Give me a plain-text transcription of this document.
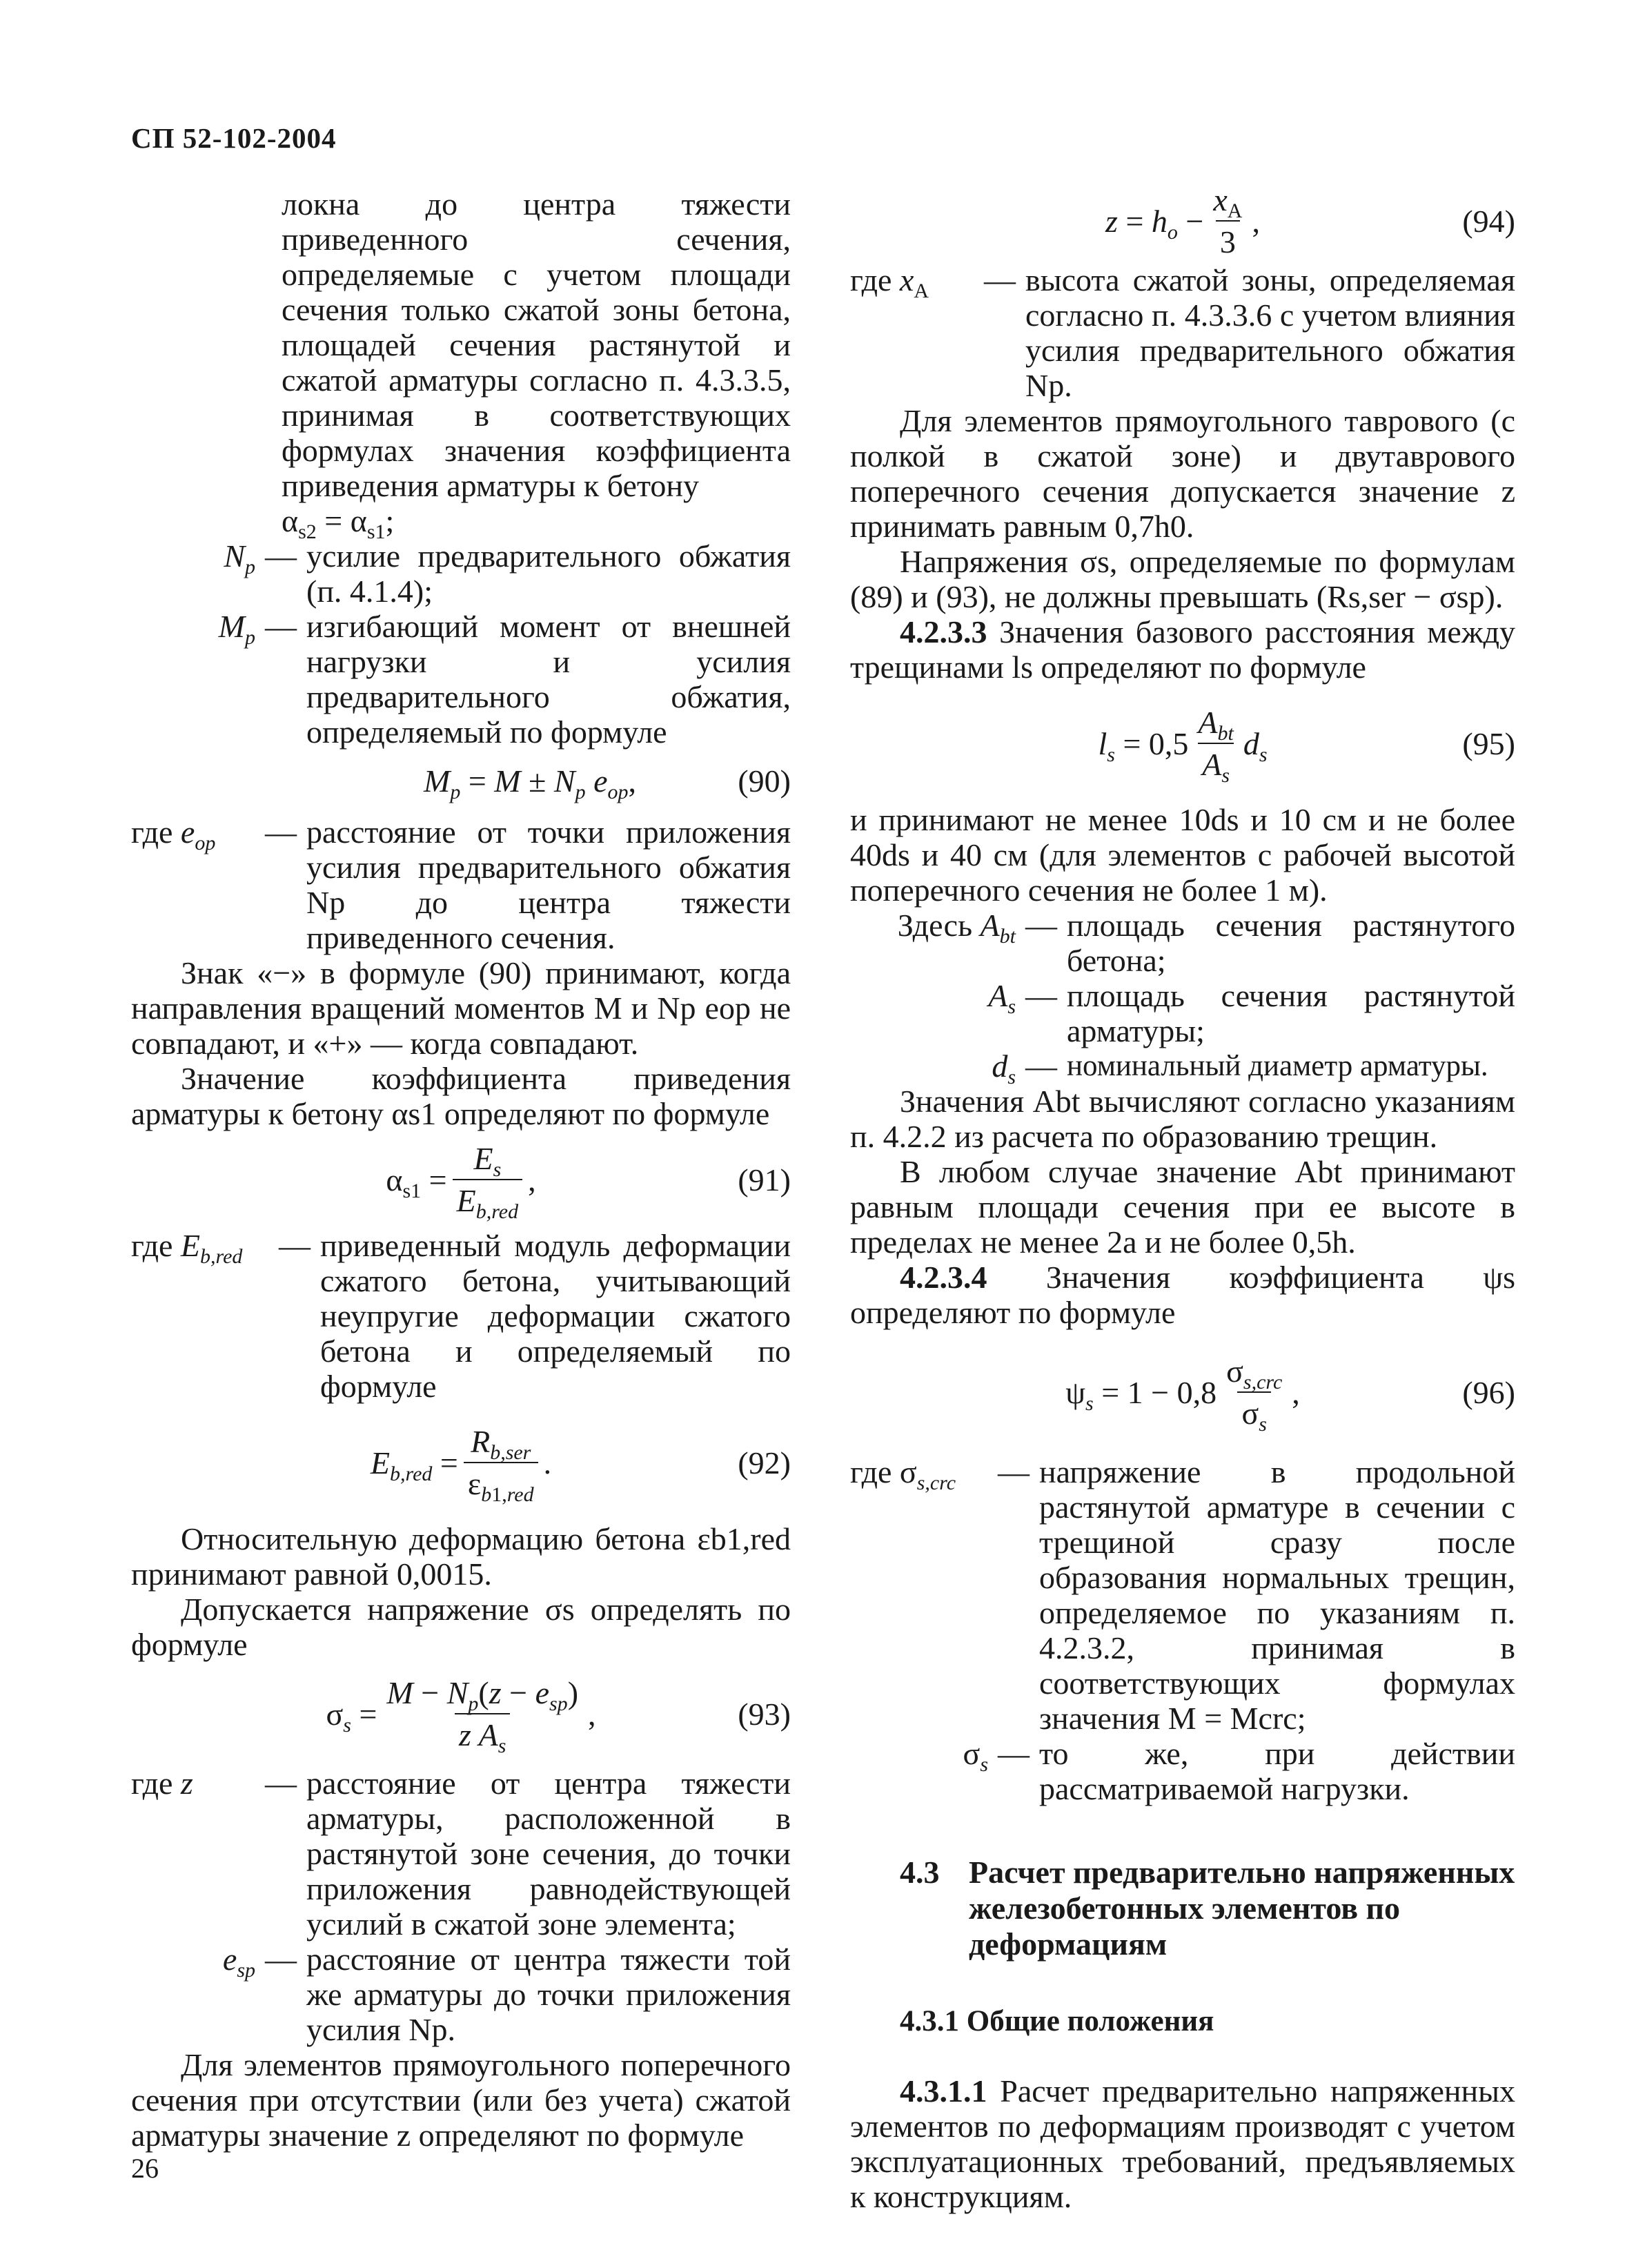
СП 52-102-2004
локна до центра тяжести приведенного сечения, определяемые с учетом площади сечения только сжатой зоны бетона, площадей сечения растянутой и сжатой арматуры согласно п. 4.3.3.5, принимая в соответствующих формулах значения коэффициента приведения арматуры к бетону
$\alpha_{s2} = \alpha_{s1}$;
$N_p$ — усилие предварительного обжатия (п. 4.1.4);
$M_p$ — изгибающий момент от внешней нагрузки и усилия предварительного обжатия, определяемый по формуле
$M_p = M \pm N_p$ $e_{op}$,	(90)
где $e_{op}$	— расстояние от точки приложения усилия предварительного обжатия Np до центра тяжести приведенного сечения.

Знак «−» в формуле (90) принимают, когда направления вращений моментов M и Np eop не совпадают, и «+» — когда совпадают.

Значение коэффициента приведения арматуры к бетону αs1 определяют по формуле

$\alpha_{s1} = \frac{E_s}{E_{b,red}}$ ,	(91)
где $E_{b,red}$	— приведенный модуль деформации сжатого бетона, учитывающий неупругие деформации сжатого бетона и определяемый по формуле
$E_{b,red} = \frac{R_{b,ser}}{\varepsilon_{b1,red}}$ .	(92)

Относительную деформацию бетона εb1,red принимают равной 0,0015.

Допускается напряжение σs определять по формуле

$\sigma_s = \frac{M - N_p(z - e_{sp})}{z A_s}$ ,	(93)
где z	— расстояние от центра тяжести арматуры, расположенной в растянутой зоне сечения, до точки приложения равнодействующей усилий в сжатой зоне элемента;
$e_{sp}$ — расстояние от центра тяжести той же арматуры до точки приложения усилия Np.

Для элементов прямоугольного поперечного сечения при отсутствии (или без учета) сжатой арматуры значение z определяют по формуле

$z = h_o - \frac{x_A}{3}$ ,	(94)
где $x_A$	— высота сжатой зоны, определяемая согласно п. 4.3.3.6 с учетом влияния усилия предварительного обжатия Np.

Для элементов прямоугольного таврового (с полкой в сжатой зоне) и двутаврового поперечного сечения допускается значение z принимать равным 0,7h0.

Напряжения σs, определяемые по формулам (89) и (93), не должны превышать (Rs,ser − σsp).

4.2.3.3 Значения базового расстояния между трещинами ls определяют по формуле

$l_s = 0,5 \frac{A_{bt}}{A_s} d_s$	(95)

и принимают не менее 10ds и 10 см и не более 40ds и 40 см (для элементов с рабочей высотой поперечного сечения не более 1 м).

Здесь $A_{bt}$ — площадь сечения растянутого бетона;
$A_s$ — площадь сечения растянутой арматуры;
$d_s$ — номинальный диаметр арматуры.

Значения Abt вычисляют согласно указаниям п. 4.2.2 из расчета по образованию трещин.

В любом случае значение Abt принимают равным площади сечения при ее высоте в пределах не менее 2a и не более 0,5h.

4.2.3.4 Значения коэффициента ψs определяют по формуле

$\psi_s = 1 - 0,8 \frac{\sigma_{s,crc}}{\sigma_s}$ ,	(96)
где $\sigma_{s,crc}$	— напряжение в продольной растянутой арматуре в сечении с трещиной сразу после образования нормальных трещин, определяемое по указаниям п. 4.2.3.2, принимая в соответствующих формулах значения M = Mcrc;
$\sigma_s$ — то же, при действии рассматриваемой нагрузки.
4.3 Расчет предварительно напряженных железобетонных элементов по деформациям
4.3.1 Общие положения

4.3.1.1 Расчет предварительно напряженных элементов по деформациям производят с учетом эксплуатационных требований, предъявляемых к конструкциям.

26
